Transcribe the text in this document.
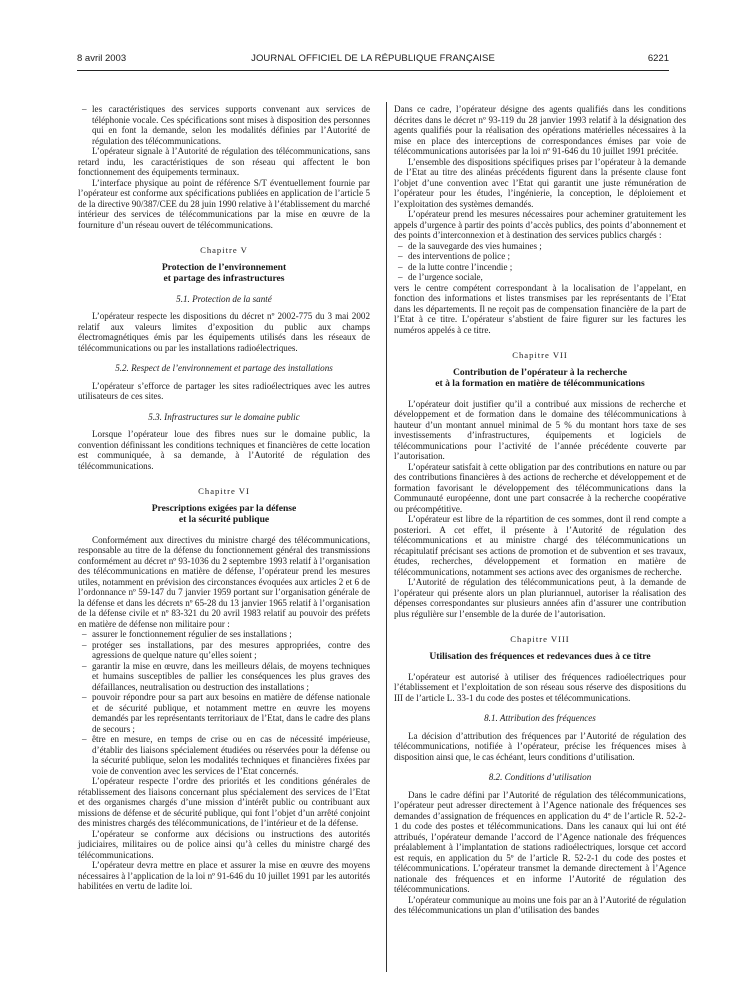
8 avril 2003	JOURNAL OFFICIEL DE LA RÉPUBLIQUE FRANÇAISE	6221
– les caractéristiques des services supports convenant aux services de téléphonie vocale. Ces spécifications sont mises à disposition des personnes qui en font la demande, selon les modalités définies par l’Autorité de régulation des télécommunications.

L’opérateur signale à l’Autorité de régulation des télécommunications, sans retard indu, les caractéristiques de son réseau qui affectent le bon fonctionnement des équipements terminaux.

L’interface physique au point de référence S/T éventuellement fournie par l’opérateur est conforme aux spécifications publiées en application de l’article 5 de la directive 90/387/CEE du 28 juin 1990 relative à l’établissement du marché intérieur des services de télécommunications par la mise en œuvre de la fourniture d’un réseau ouvert de télécommunications.

Chapitre V
Protection de l’environnement
et partage des infrastructures
5.1. Protection de la santé

L’opérateur respecte les dispositions du décret nº 2002-775 du 3 mai 2002 relatif aux valeurs limites d’exposition du public aux champs électromagnétiques émis par les équipements utilisés dans les réseaux de télécommunications ou par les installations radioélectriques.

5.2. Respect de l’environnement et partage des installations

L’opérateur s’efforce de partager les sites radioélectriques avec les autres utilisateurs de ces sites.

5.3. Infrastructures sur le domaine public

Lorsque l’opérateur loue des fibres nues sur le domaine public, la convention définissant les conditions techniques et financières de cette location est communiquée, à sa demande, à l’Autorité de régulation des télécommunications.

Chapitre VI
Prescriptions exigées par la défense
et la sécurité publique

Conformément aux directives du ministre chargé des télécommunications, responsable au titre de la défense du fonctionnement général des transmissions conformément au décret nº 93-1036 du 2 septembre 1993 relatif à l’organisation des télécommunications en matière de défense, l’opérateur prend les mesures utiles, notamment en prévision des circonstances évoquées aux articles 2 et 6 de l’ordonnance nº 59-147 du 7 janvier 1959 portant sur l’organisation générale de la défense et dans les décrets nº 65-28 du 13 janvier 1965 relatif à l’organisation de la défense civile et nº 83-321 du 20 avril 1983 relatif au pouvoir des préfets en matière de défense non militaire pour :

– assurer le fonctionnement régulier de ses installations ;
– protéger ses installations, par des mesures appropriées, contre des agressions de quelque nature qu’elles soient ;
– garantir la mise en œuvre, dans les meilleurs délais, de moyens techniques et humains susceptibles de pallier les conséquences les plus graves des défaillances, neutralisation ou destruction des installations ;
– pouvoir répondre pour sa part aux besoins en matière de défense nationale et de sécurité publique, et notamment mettre en œuvre les moyens demandés par les représentants territoriaux de l’Etat, dans le cadre des plans de secours ;
– être en mesure, en temps de crise ou en cas de nécessité impérieuse, d’établir des liaisons spécialement étudiées ou réservées pour la défense ou la sécurité publique, selon les modalités techniques et financières fixées par voie de convention avec les services de l’Etat concernés.

L’opérateur respecte l’ordre des priorités et les conditions générales de rétablissement des liaisons concernant plus spécialement des services de l’Etat et des organismes chargés d’une mission d’intérêt public ou contribuant aux missions de défense et de sécurité publique, qui font l’objet d’un arrêté conjoint des ministres chargés des télécommunications, de l’intérieur et de la défense.

L’opérateur se conforme aux décisions ou instructions des autorités judiciaires, militaires ou de police ainsi qu’à celles du ministre chargé des télécommunications.

L’opérateur devra mettre en place et assurer la mise en œuvre des moyens nécessaires à l’application de la loi nº 91-646 du 10 juillet 1991 par les autorités habilitées en vertu de ladite loi.

Dans ce cadre, l’opérateur désigne des agents qualifiés dans les conditions décrites dans le décret nº 93-119 du 28 janvier 1993 relatif à la désignation des agents qualifiés pour la réalisation des opérations matérielles nécessaires à la mise en place des interceptions de correspondances émises par voie de télécommunications autorisées par la loi nº 91-646 du 10 juillet 1991 précitée.

L’ensemble des dispositions spécifiques prises par l’opérateur à la demande de l’Etat au titre des alinéas précédents figurent dans la présente clause font l’objet d’une convention avec l’Etat qui garantit une juste rémunération de l’opérateur pour les études, l’ingénierie, la conception, le déploiement et l’exploitation des systèmes demandés.

L’opérateur prend les mesures nécessaires pour acheminer gratuitement les appels d’urgence à partir des points d’accès publics, des points d’abonnement et des points d’interconnexion et à destination des services publics chargés :

– de la sauvegarde des vies humaines ;
– des interventions de police ;
– de la lutte contre l’incendie ;
– de l’urgence sociale,

vers le centre compétent correspondant à la localisation de l’appelant, en fonction des informations et listes transmises par les représentants de l’Etat dans les départements. Il ne reçoit pas de compensation financière de la part de l’Etat à ce titre. L’opérateur s’abstient de faire figurer sur les factures les numéros appelés à ce titre.

Chapitre VII
Contribution de l’opérateur à la recherche
et à la formation en matière de télécommunications

L’opérateur doit justifier qu’il a contribué aux missions de recherche et développement et de formation dans le domaine des télécommunications à hauteur d’un montant annuel minimal de 5 % du montant hors taxe de ses investissements d’infrastructures, équipements et logiciels de télécommunications pour l’activité de l’année précédente couverte par l’autorisation.

L’opérateur satisfait à cette obligation par des contributions en nature ou par des contributions financières à des actions de recherche et développement et de formation favorisant le développement des télécommunications dans la Communauté européenne, dont une part consacrée à la recherche coopérative ou précompétitive.

L’opérateur est libre de la répartition de ces sommes, dont il rend compte a posteriori. A cet effet, il présente à l’Autorité de régulation des télécommunications et au ministre chargé des télécommunications un récapitulatif précisant ses actions de promotion et de subvention et ses travaux, études, recherches, développement et formation en matière de télécommunications, notamment ses actions avec des organismes de recherche.

L’Autorité de régulation des télécommunications peut, à la demande de l’opérateur qui présente alors un plan pluriannuel, autoriser la réalisation des dépenses correspondantes sur plusieurs années afin d’assurer une contribution plus régulière sur l’ensemble de la durée de l’autorisation.

Chapitre VIII
Utilisation des fréquences et redevances dues à ce titre

L’opérateur est autorisé à utiliser des fréquences radioélectriques pour l’établissement et l’exploitation de son réseau sous réserve des dispositions du III de l’article L. 33-1 du code des postes et télécommunications.

8.1. Attribution des fréquences

La décision d’attribution des fréquences par l’Autorité de régulation des télécommunications, notifiée à l’opérateur, précise les fréquences mises à disposition ainsi que, le cas échéant, leurs conditions d’utilisation.

8.2. Conditions d’utilisation

Dans le cadre défini par l’Autorité de régulation des télécommunications, l’opérateur peut adresser directement à l’Agence nationale des fréquences ses demandes d’assignation de fréquences en application du 4º de l’article R. 52-2-1 du code des postes et télécommunications. Dans les canaux qui lui ont été attribués, l’opérateur demande l’accord de l’Agence nationale des fréquences préalablement à l’implantation de stations radioélectriques, lorsque cet accord est requis, en application du 5º de l’article R. 52-2-1 du code des postes et télécommunications. L’opérateur transmet la demande directement à l’Agence nationale des fréquences et en informe l’Autorité de régulation des télécommunications.

L’opérateur communique au moins une fois par an à l’Autorité de régulation des télécommunications un plan d’utilisation des bandes
